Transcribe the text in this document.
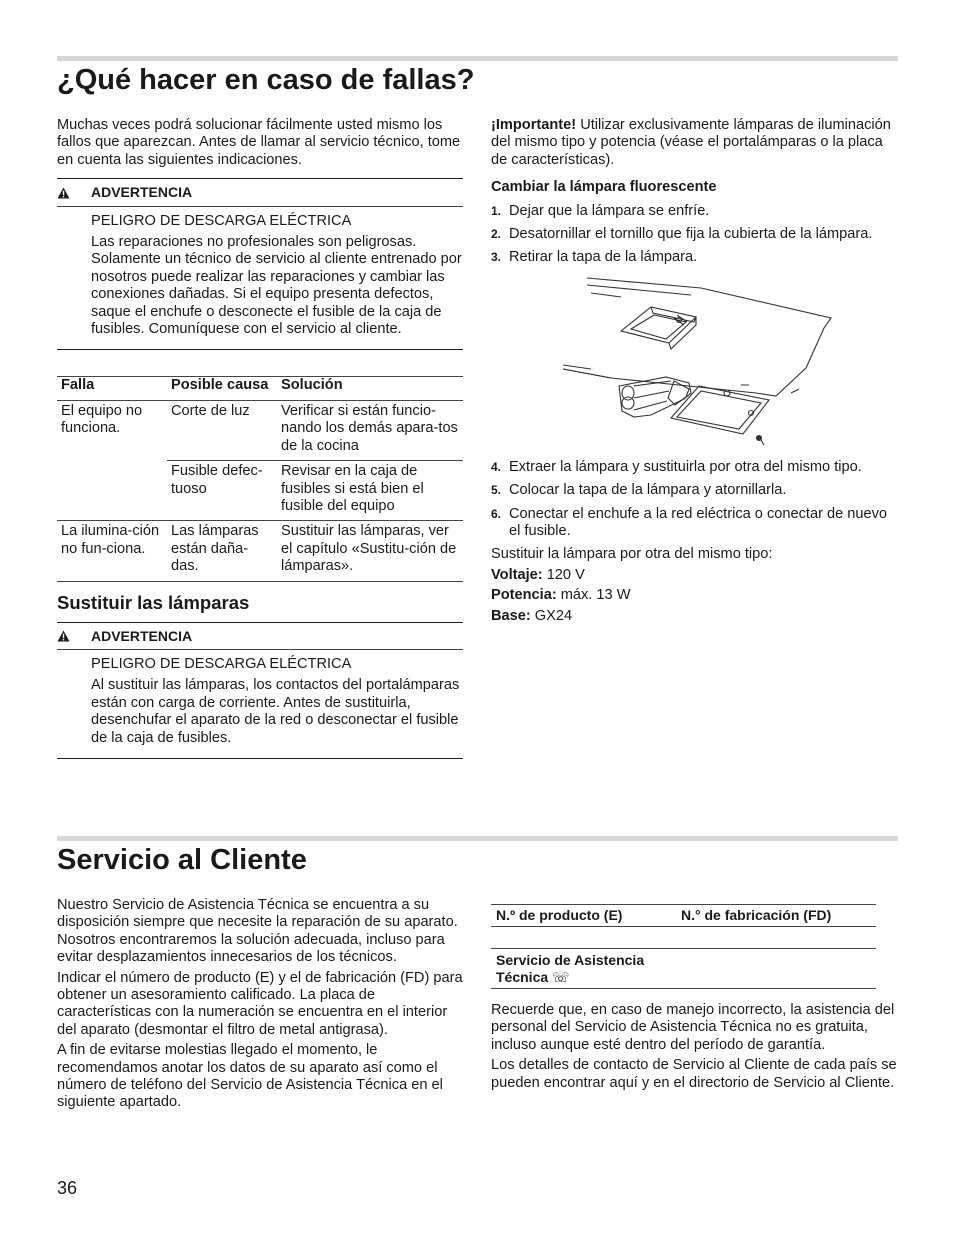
¿Qué hacer en caso de fallas?

Muchas veces podrá solucionar fácilmente usted mismo los fallos que aparezcan. Antes de llamar al servicio técnico, tome en cuenta las siguientes indicaciones.

ADVERTENCIA

PELIGRO DE DESCARGA ELÉCTRICA

Las reparaciones no profesionales son peligrosas. Solamente un técnico de servicio al cliente entrenado por nosotros puede realizar las reparaciones y cambiar las conexiones dañadas. Si el equipo presenta defectos, saque el enchufe o desconecte el fusible de la caja de fusibles. Comuníquese con el servicio al cliente.

Falla	Posible causa	Solución
El equipo no funciona.	Corte de luz	Verificar si están funcio-nando los demás apara-tos de la cocina
	Fusible defec-tuoso	Revisar en la caja de fusibles si está bien el fusible del equipo
La ilumina-ción no fun-ciona.	Las lámparas están daña-das.	Sustituir las lámparas, ver el capítulo «Sustitu-ción de lámparas».
Sustituir las lámparas
ADVERTENCIA

PELIGRO DE DESCARGA ELÉCTRICA

Al sustituir las lámparas, los contactos del portalámparas están con carga de corriente. Antes de sustituirla, desenchufar el aparato de la red o desconectar el fusible de la caja de fusibles.

¡Importante! Utilizar exclusivamente lámparas de iluminación del mismo tipo y potencia (véase el portalámparas o la placa de características).

Cambiar la lámpara fluorescente
1. Dejar que la lámpara se enfríe.
2. Desatornillar el tornillo que fija la cubierta de la lámpara.
3. Retirar la tapa de la lámpara.
4. Extraer la lámpara y sustituirla por otra del mismo tipo.
5. Colocar la tapa de la lámpara y atornillarla.
6. Conectar el enchufe a la red eléctrica o conectar de nuevo el fusible.

Sustituir la lámpara por otra del mismo tipo:

Voltaje: 120 V

Potencia: máx. 13 W

Base: GX24

Servicio al Cliente

Nuestro Servicio de Asistencia Técnica se encuentra a su disposición siempre que necesite la reparación de su aparato. Nosotros encontraremos la solución adecuada, incluso para evitar desplazamientos innecesarios de los técnicos.

Indicar el número de producto (E) y el de fabricación (FD) para obtener un asesoramiento calificado. La placa de características con la numeración se encuentra en el interior del aparato (desmontar el filtro de metal antigrasa).

A fin de evitarse molestias llegado el momento, le recomendamos anotar los datos de su aparato así como el número de teléfono del Servicio de Asistencia Técnica en el siguiente apartado.

N.º de producto (E)	N.° de fabricación (FD)
Servicio de Asistencia
Técnica ☏

Recuerde que, en caso de manejo incorrecto, la asistencia del personal del Servicio de Asistencia Técnica no es gratuita, incluso aunque esté dentro del período de garantía.

Los detalles de contacto de Servicio al Cliente de cada país se pueden encontrar aquí y en el directorio de Servicio al Cliente.

36
